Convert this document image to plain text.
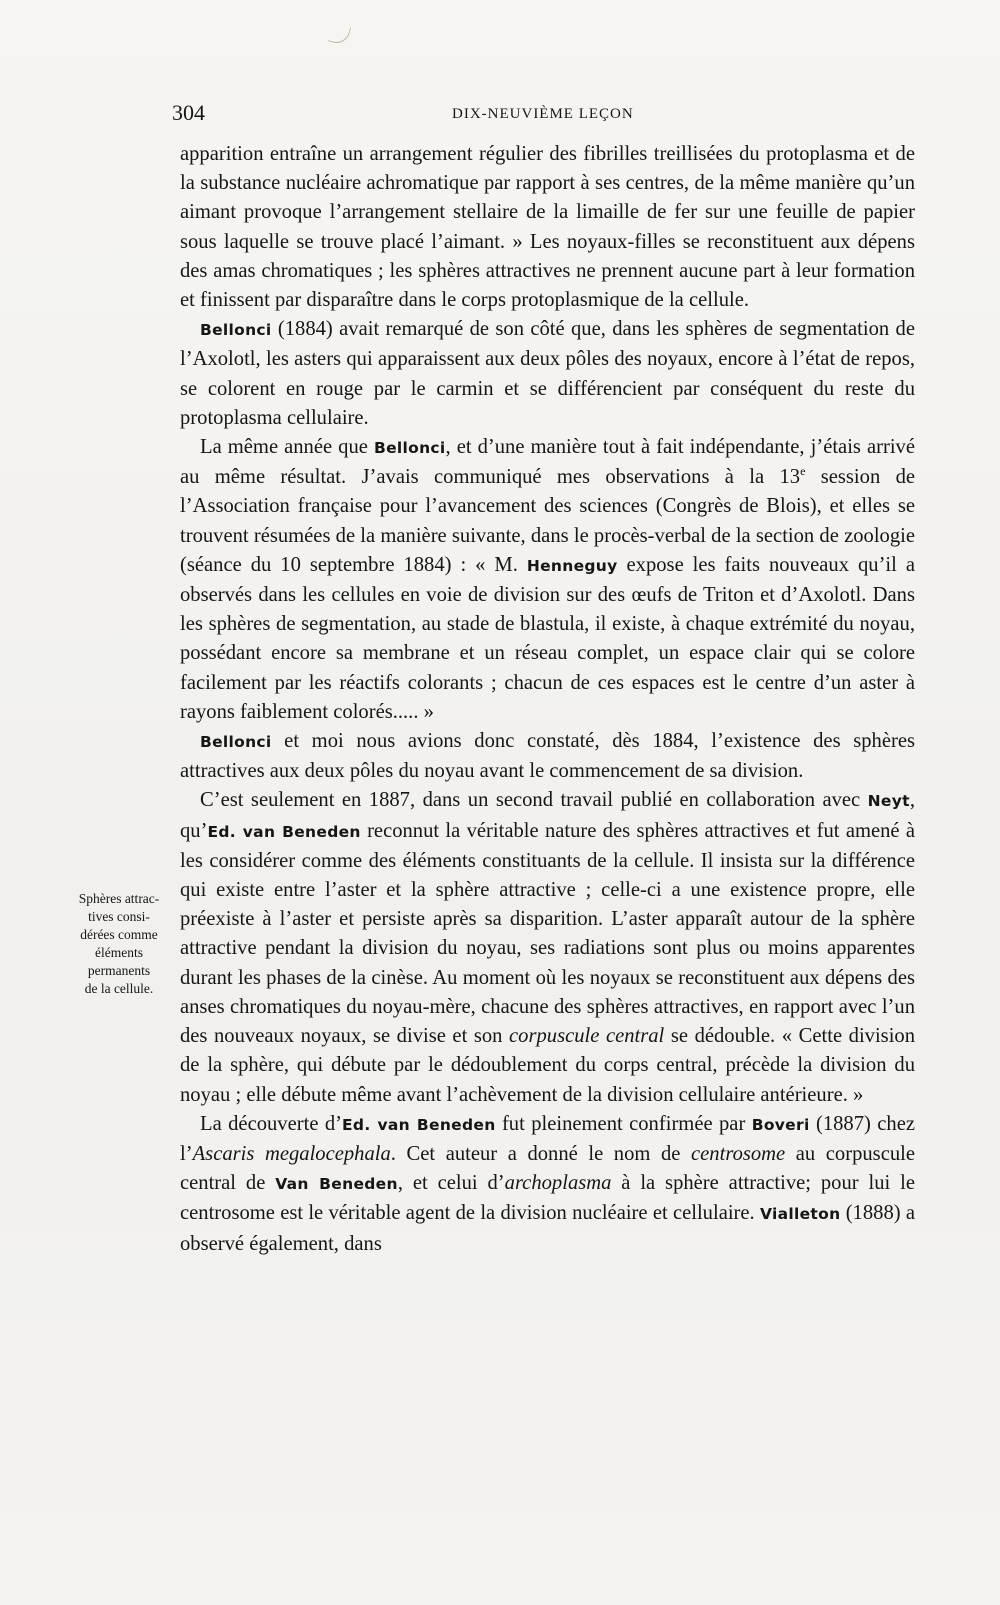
304	DIX-NEUVIÈME LEÇON
Sphères attrac-
tives consi-
dérées comme
éléments
permanents
de la cellule.

apparition entraîne un arrangement régulier des fibrilles treillisées du protoplasma et de la substance nucléaire achromatique par rapport à ses centres, de la même manière qu’un aimant provoque l’arrangement stellaire de la limaille de fer sur une feuille de papier sous laquelle se trouve placé l’aimant. » Les noyaux-filles se reconstituent aux dépens des amas chromatiques ; les sphères attractives ne prennent aucune part à leur formation et finissent par disparaître dans le corps protoplasmique de la cellule.

Bellonci (1884) avait remarqué de son côté que, dans les sphères de segmentation de l’Axolotl, les asters qui apparaissent aux deux pôles des noyaux, encore à l’état de repos, se colorent en rouge par le carmin et se différencient par conséquent du reste du protoplasma cellulaire.

La même année que Bellonci, et d’une manière tout à fait indépendante, j’étais arrivé au même résultat. J’avais communiqué mes observations à la 13e session de l’Association française pour l’avancement des sciences (Congrès de Blois), et elles se trouvent résumées de la manière suivante, dans le procès-verbal de la section de zoologie (séance du 10 septembre 1884) : « M. Henneguy expose les faits nouveaux qu’il a observés dans les cellules en voie de division sur des œufs de Triton et d’Axolotl. Dans les sphères de segmentation, au stade de blastula, il existe, à chaque extrémité du noyau, possédant encore sa membrane et un réseau complet, un espace clair qui se colore facilement par les réactifs colorants ; chacun de ces espaces est le centre d’un aster à rayons faiblement colorés..... »

Bellonci et moi nous avions donc constaté, dès 1884, l’existence des sphères attractives aux deux pôles du noyau avant le commencement de sa division.

C’est seulement en 1887, dans un second travail publié en collaboration avec Neyt, qu’Ed. van Beneden reconnut la véritable nature des sphères attractives et fut amené à les considérer comme des éléments constituants de la cellule. Il insista sur la différence qui existe entre l’aster et la sphère attractive ; celle-ci a une existence propre, elle préexiste à l’aster et persiste après sa disparition. L’aster apparaît autour de la sphère attractive pendant la division du noyau, ses radiations sont plus ou moins apparentes durant les phases de la cinèse. Au moment où les noyaux se reconstituent aux dépens des anses chromatiques du noyau-mère, chacune des sphères attractives, en rapport avec l’un des nouveaux noyaux, se divise et son corpuscule central se dédouble. « Cette division de la sphère, qui débute par le dédoublement du corps central, précède la division du noyau ; elle débute même avant l’achèvement de la division cellulaire antérieure. »

La découverte d’Ed. van Beneden fut pleinement confirmée par Boveri (1887) chez l’Ascaris megalocephala. Cet auteur a donné le nom de centrosome au corpuscule central de Van Beneden, et celui d’archoplasma à la sphère attractive; pour lui le centrosome est le véritable agent de la division nucléaire et cellulaire. Vialleton (1888) a observé également, dans
